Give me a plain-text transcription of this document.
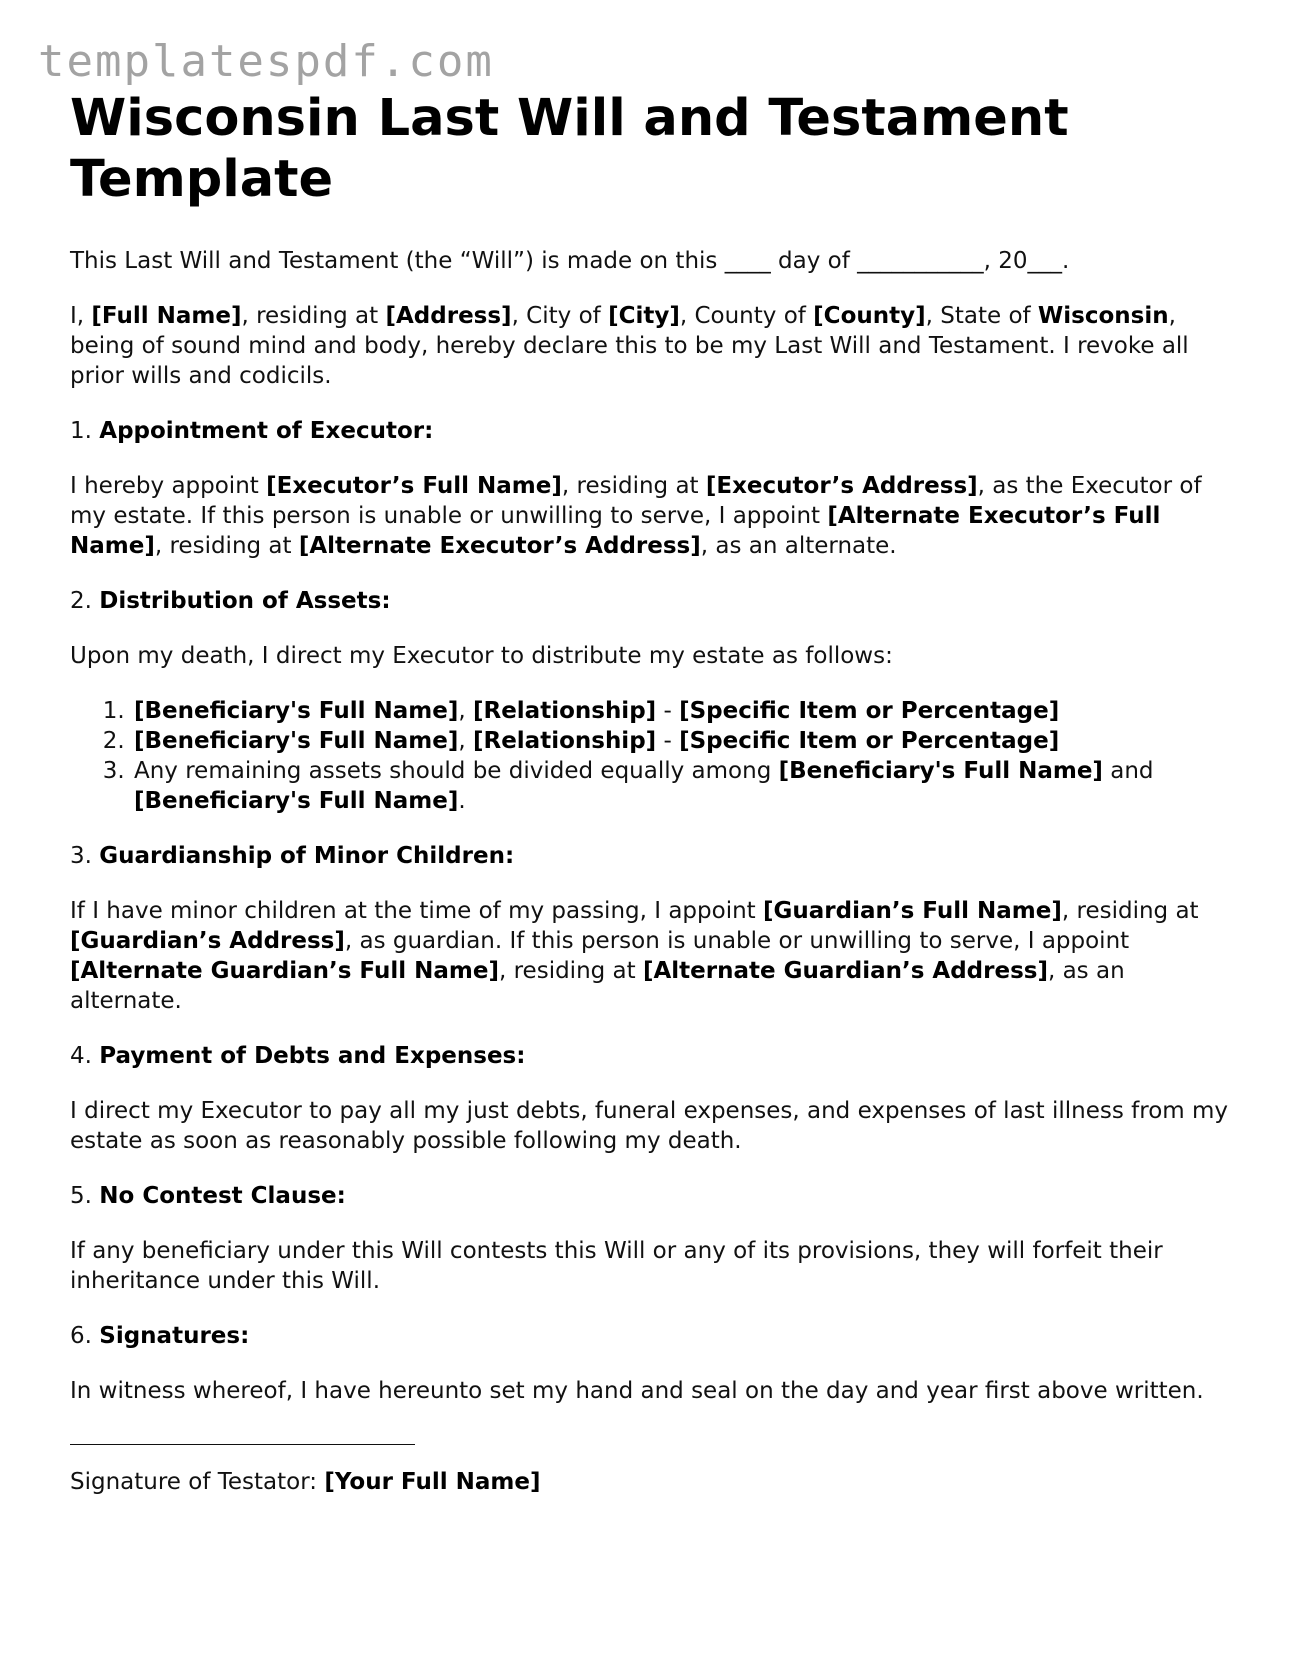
templatespdf.com
Wisconsin Last Will and Testament Template

This Last Will and Testament (the “Will”) is made on this ____ day of ___________, 20___.

I, [Full Name], residing at [Address], City of [City], County of [County], State of Wisconsin, being of sound mind and body, hereby declare this to be my Last Will and Testament. I revoke all prior wills and codicils.

1. Appointment of Executor:

I hereby appoint [Executor’s Full Name], residing at [Executor’s Address], as the Executor of my estate. If this person is unable or unwilling to serve, I appoint [Alternate Executor’s Full Name], residing at [Alternate Executor’s Address], as an alternate.

2. Distribution of Assets:

Upon my death, I direct my Executor to distribute my estate as follows:

1. [Beneficiary's Full Name], [Relationship] - [Specific Item or Percentage]
2. [Beneficiary's Full Name], [Relationship] - [Specific Item or Percentage]
3. Any remaining assets should be divided equally among [Beneficiary's Full Name] and [Beneficiary's Full Name].

3. Guardianship of Minor Children:

If I have minor children at the time of my passing, I appoint [Guardian’s Full Name], residing at [Guardian’s Address], as guardian. If this person is unable or unwilling to serve, I appoint [Alternate Guardian’s Full Name], residing at [Alternate Guardian’s Address], as an alternate.

4. Payment of Debts and Expenses:

I direct my Executor to pay all my just debts, funeral expenses, and expenses of last illness from my estate as soon as reasonably possible following my death.

5. No Contest Clause:

If any beneficiary under this Will contests this Will or any of its provisions, they will forfeit their inheritance under this Will.

6. Signatures:

In witness whereof, I have hereunto set my hand and seal on the day and year first above written.

Signature of Testator: [Your Full Name]
